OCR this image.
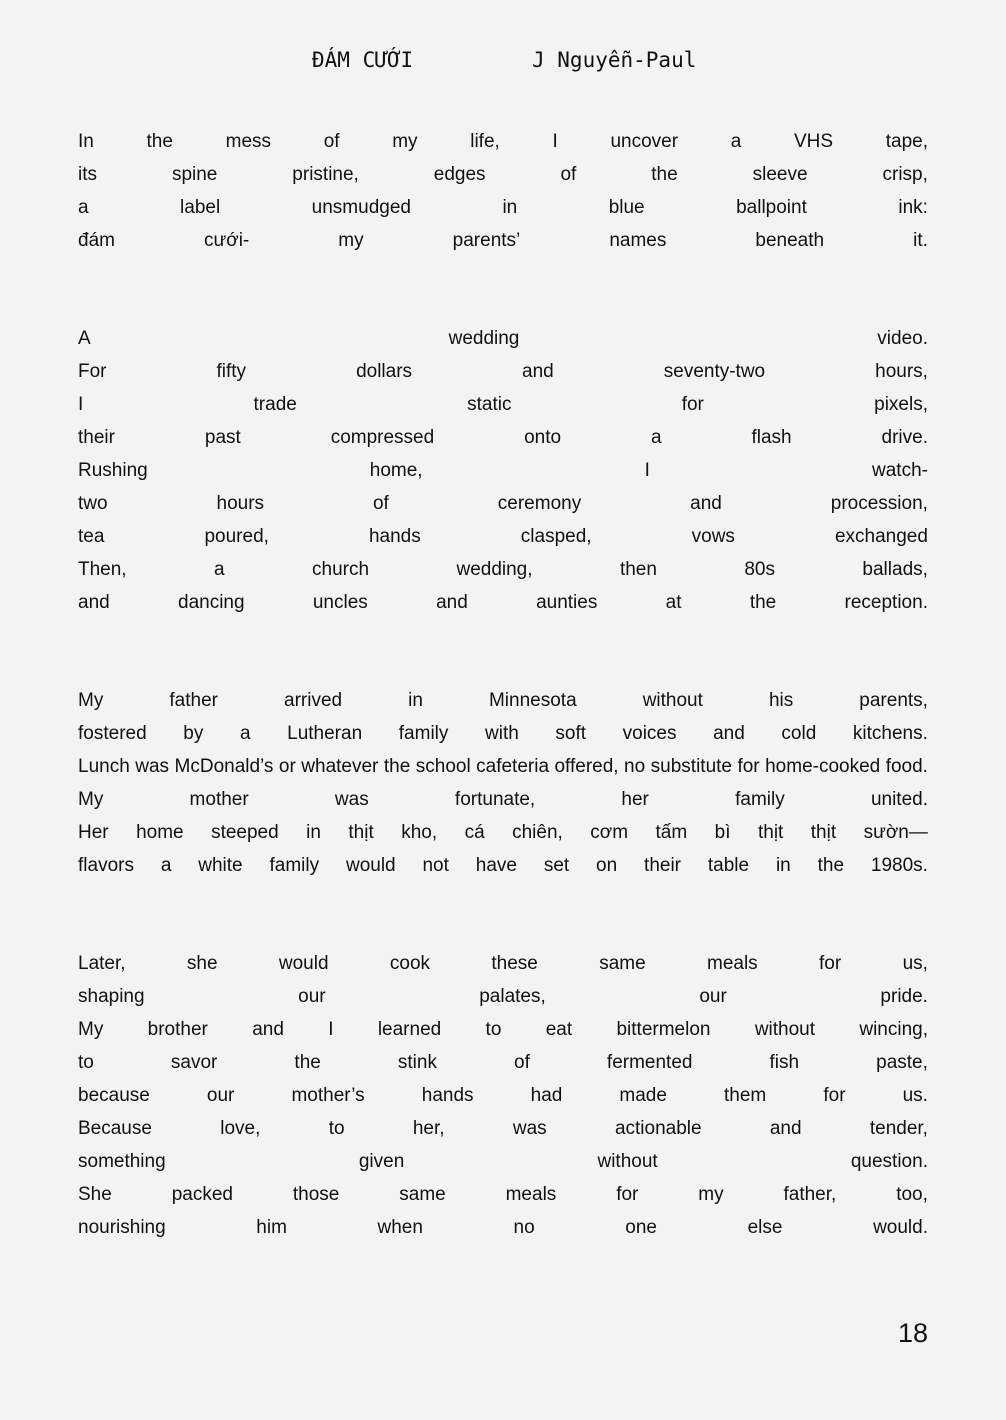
ĐÁM CƯỚI	J Nguyễn-Paul
In	the	mess	of	my	life,	I	uncover	a	VHS	tape,
its	spine	pristine,	edges	of	the	sleeve	crisp,
a	label	unsmudged	in	blue	ballpoint	ink:
đám	cưới-	my	parents’	names	beneath	it.
A	wedding	video.
For	fifty	dollars	and	seventy-two	hours,
I	trade	static	for	pixels,
their	past	compressed	onto	a	flash	drive.
Rushing	home,	I	watch-
two	hours	of	ceremony	and	procession,
tea	poured,	hands	clasped,	vows	exchanged
Then,	a	church	wedding,	then	80s	ballads,
and	dancing	uncles	and	aunties	at	the	reception.
My	father	arrived	in	Minnesota	without	his	parents,
fostered by a Lutheran family with soft voices and cold kitchens.
Lunch was McDonald’s or whatever the school cafeteria offered, no substitute for home-cooked food.
My	mother	was	fortunate,	her	family	united.
Her home steeped in thịt kho, cá chiên, cơm tấm bì thịt thịt sườn—
flavors a white family would not have set on their table in the 1980s.
Later,	she	would	cook	these	same	meals	for	us,
shaping	our	palates,	our	pride.
My brother and I learned to eat bittermelon without wincing,
to	savor	the	stink	of	fermented	fish	paste,
because	our	mother’s	hands	had	made	them	for	us.
Because	love,	to	her,	was	actionable	and	tender,
something	given	without	question.
She	packed	those	same	meals	for	my	father,	too,
nourishing	him	when	no	one	else	would.
18
